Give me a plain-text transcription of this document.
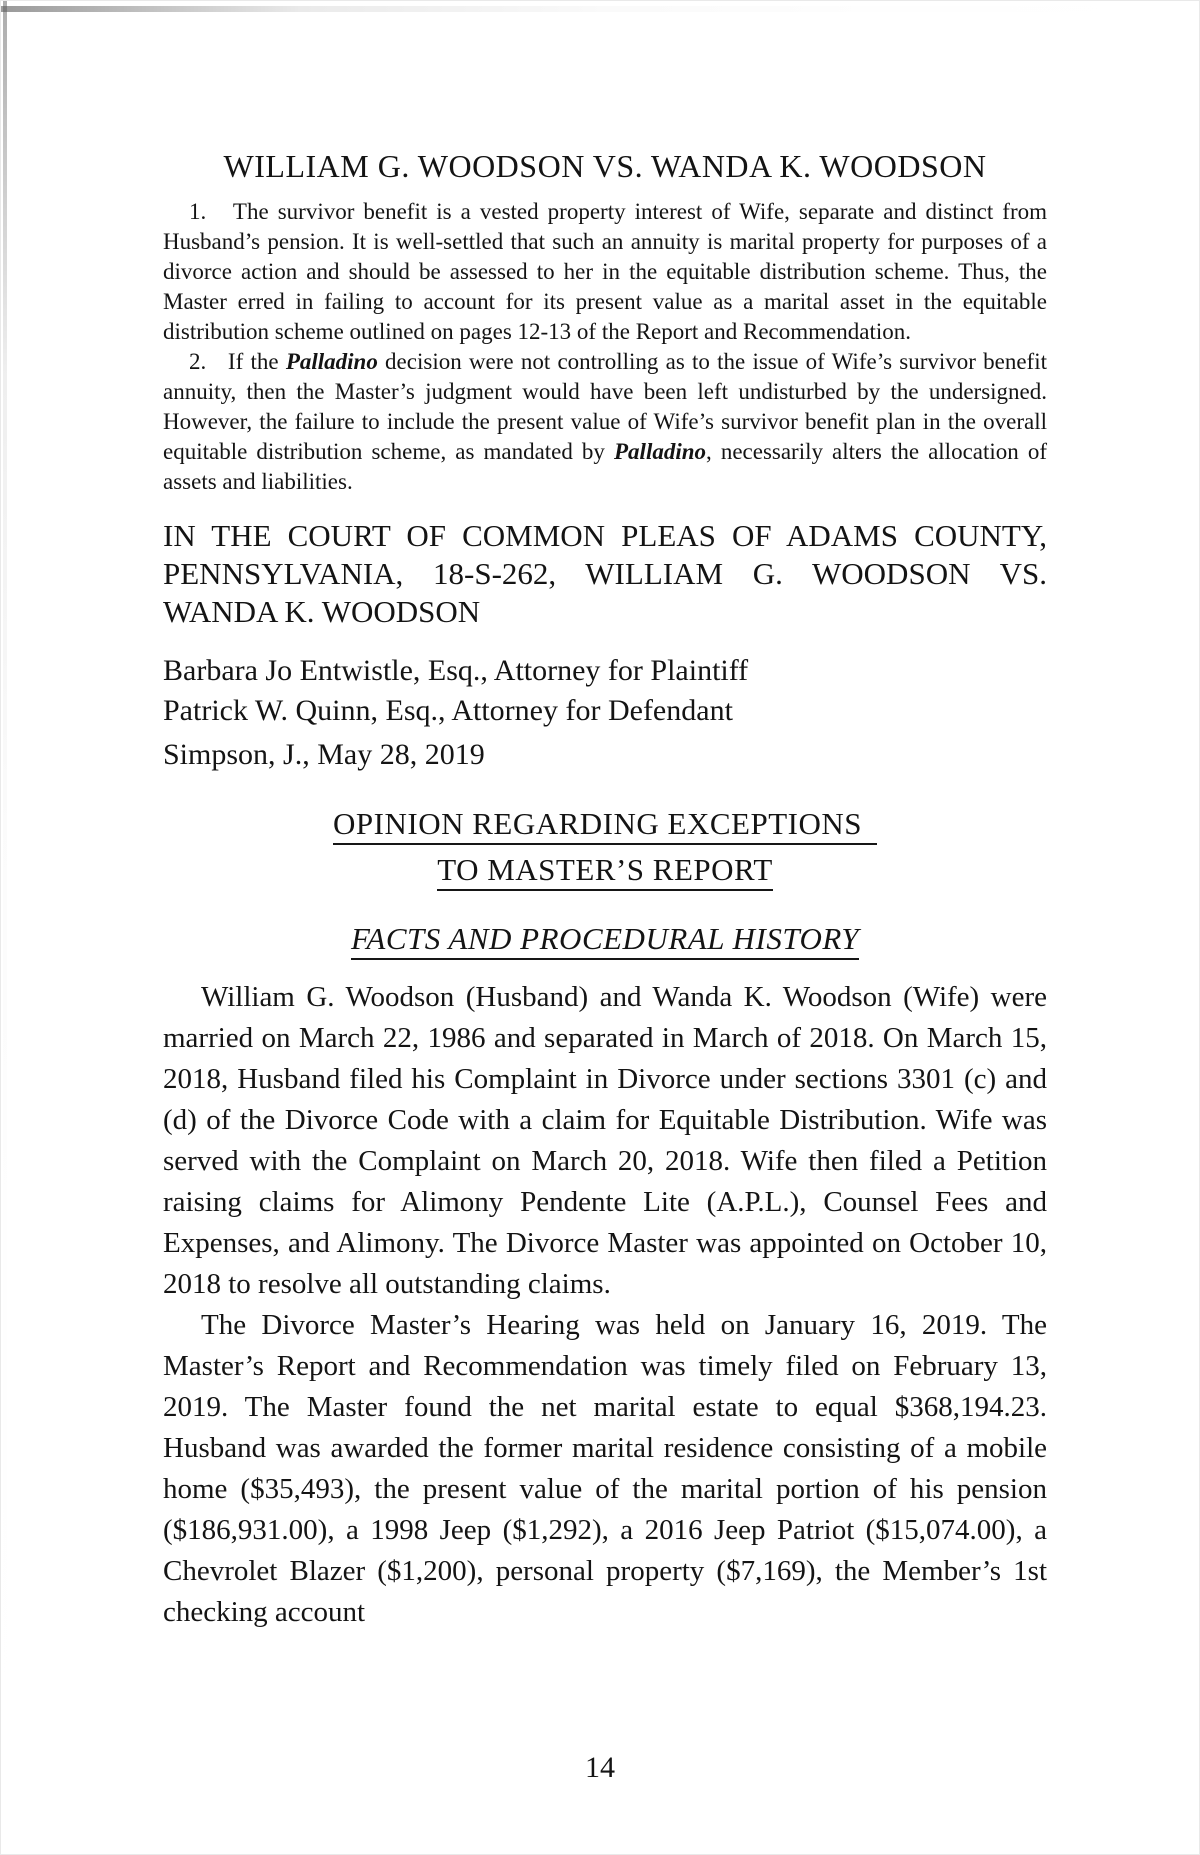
WILLIAM G. WOODSON VS. WANDA K. WOODSON

1.   The survivor benefit is a vested property interest of Wife, separate and distinct from Husband’s pension. It is well-settled that such an annuity is marital property for purposes of a divorce action and should be assessed to her in the equitable distribution scheme. Thus, the Master erred in failing to account for its present value as a marital asset in the equitable distribution scheme outlined on pages 12-13 of the Report and Recommendation.

2.   If the Palladino decision were not controlling as to the issue of Wife’s survivor benefit annuity, then the Master’s judgment would have been left undisturbed by the undersigned. However, the failure to include the present value of Wife’s survivor benefit plan in the overall equitable distribution scheme, as mandated by Palladino, necessarily alters the allocation of assets and liabilities.

IN THE COURT OF COMMON PLEAS OF ADAMS COUNTY, PENNSYLVANIA, 18-S-262, WILLIAM G. WOODSON VS. WANDA K. WOODSON

Barbara Jo Entwistle, Esq., Attorney for Plaintiff

Patrick W. Quinn, Esq., Attorney for Defendant

Simpson, J., May 28, 2019

OPINION REGARDING EXCEPTIONS
TO MASTER’S REPORT
FACTS AND PROCEDURAL HISTORY

William G. Woodson (Husband) and Wanda K. Woodson (Wife) were married on March 22, 1986 and separated in March of 2018. On March 15, 2018, Husband filed his Complaint in Divorce under sections 3301 (c) and (d) of the Divorce Code with a claim for Equitable Distribution. Wife was served with the Complaint on March 20, 2018. Wife then filed a Petition raising claims for Alimony Pendente Lite (A.P.L.), Counsel Fees and Expenses, and Alimony. The Divorce Master was appointed on October 10, 2018 to resolve all outstanding claims.

The Divorce Master’s Hearing was held on January 16, 2019. The Master’s Report and Recommendation was timely filed on February 13, 2019. The Master found the net marital estate to equal $368,194.23. Husband was awarded the former marital residence consisting of a mobile home ($35,493), the present value of the marital portion of his pension ($186,931.00), a 1998 Jeep ($1,292), a 2016 Jeep Patriot ($15,074.00), a Chevrolet Blazer ($1,200), personal property ($7,169), the Member’s 1st checking account

14
